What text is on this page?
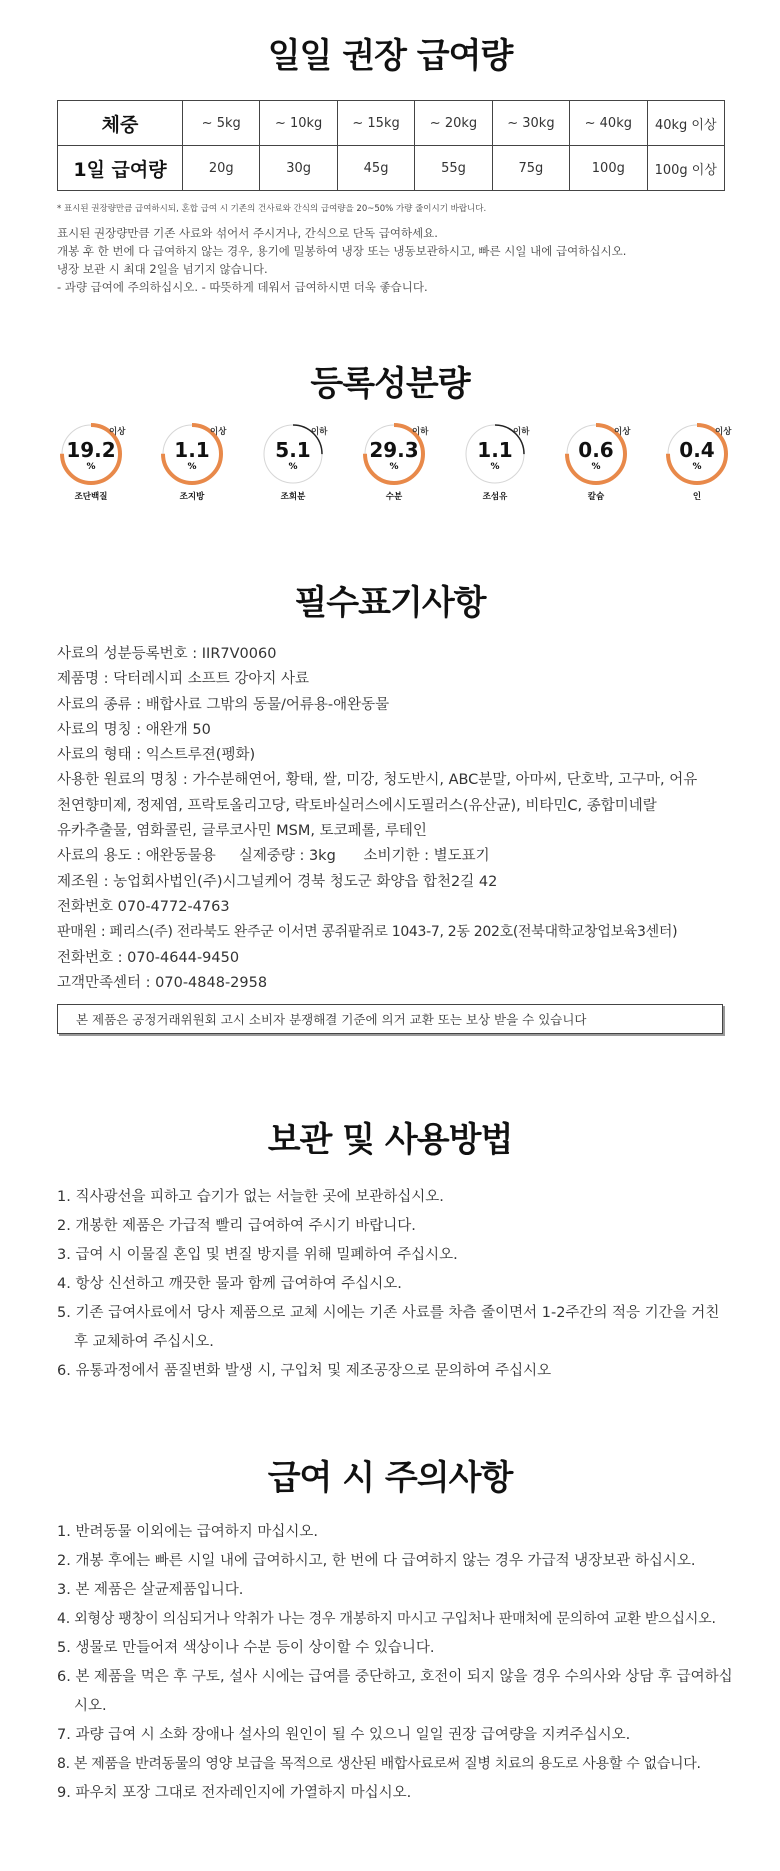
일일 권장 급여량
체중	~ 5kg	~ 10kg	~ 15kg	~ 20kg	~ 30kg	~ 40kg	40kg 이상
1일 급여량	20g	30g	45g	55g	75g	100g	100g 이상

* 표시된 권장량만큼 급여하시되, 혼합 급여 시 기존의 건사료와 간식의 급여량을 20~50% 가량 줄이시기 바랍니다.

표시된 권장량만큼 기존 사료와 섞어서 주시거나, 간식으로 단독 급여하세요.

개봉 후 한 번에 다 급여하지 않는 경우, 용기에 밀봉하여 냉장 또는 냉동보관하시고, 빠른 시일 내에 급여하십시오.

냉장 보관 시 최대 2일을 넘기지 않습니다.

- 과량 급여에 주의하십시오. - 따뜻하게 데워서 급여하시면 더욱 좋습니다.

등록성분량
19.2
%
이상
조단백질
1.1
%
이상
조지방
5.1
%
이하
조회분
29.3
%
이하
수분
1.1
%
이하
조섬유
0.6
%
이상
칼슘
0.4
%
이상
인
필수표기사항

사료의 성분등록번호 : IIR7V0060

제품명 : 닥터레시피 소프트 강아지 사료

사료의 종류 : 배합사료 그밖의 동물/어류용-애완동물

사료의 명칭 : 애완개 50

사료의 형태 : 익스트루젼(펭화)

사용한 원료의 명칭 : 가수분해연어, 황태, 쌀, 미강, 청도반시, ABC분말, 아마씨, 단호박, 고구마, 어유

천연향미제, 정제염, 프락토올리고당, 락토바실러스에시도필러스(유산균), 비타민C, 종합미네랄

유카추출물, 염화콜린, 글루코사민 MSM, 토코페롤, 루테인

사료의 용도 : 애완동물용     실제중량 : 3kg      소비기한 : 별도표기

제조원 : 농업회사법인(주)시그널케어 경북 청도군 화양읍 합천2길 42

전화번호 070-4772-4763

판매원 : 페리스(주) 전라북도 완주군 이서면 콩쥐팥쥐로 1043-7, 2동 202호(전북대학교창업보육3센터)

전화번호 : 070-4644-9450

고객만족센터 : 070-4848-2958

본 제품은 공정거래위원회 고시 소비자 분쟁해결 기준에 의거 교환 또는 보상 받을 수 있습니다
보관 및 사용방법
1. 직사광선을 피하고 습기가 없는 서늘한 곳에 보관하십시오.
2. 개봉한 제품은 가급적 빨리 급여하여 주시기 바랍니다.
3. 급여 시 이물질 혼입 및 변질 방지를 위해 밀폐하여 주십시오.
4. 항상 신선하고 깨끗한 물과 함께 급여하여 주십시오.
5. 기존 급여사료에서 당사 제품으로 교체 시에는 기존 사료를 차츰 줄이면서 1-2주간의 적응 기간을 거친 후 교체하여 주십시오.
6. 유통과정에서 품질변화 발생 시, 구입처 및 제조공장으로 문의하여 주십시오
급여 시 주의사항
1. 반려동물 이외에는 급여하지 마십시오.
2. 개봉 후에는 빠른 시일 내에 급여하시고, 한 번에 다 급여하지 않는 경우 가급적 냉장보관 하십시오.
3. 본 제품은 살균제품입니다.
4. 외형상 팽창이 의심되거나 악취가 나는 경우 개봉하지 마시고 구입처나 판매처에 문의하여 교환 받으십시오.
5. 생물로 만들어져 색상이나 수분 등이 상이할 수 있습니다.
6. 본 제품을 먹은 후 구토, 설사 시에는 급여를 중단하고, 호전이 되지 않을 경우 수의사와 상담 후 급여하십시오.
7. 과량 급여 시 소화 장애나 설사의 원인이 될 수 있으니 일일 권장 급여량을 지켜주십시오.
8. 본 제품을 반려동물의 영양 보급을 목적으로 생산된 배합사료로써 질병 치료의 용도로 사용할 수 없습니다.
9. 파우치 포장 그대로 전자레인지에 가열하지 마십시오.
